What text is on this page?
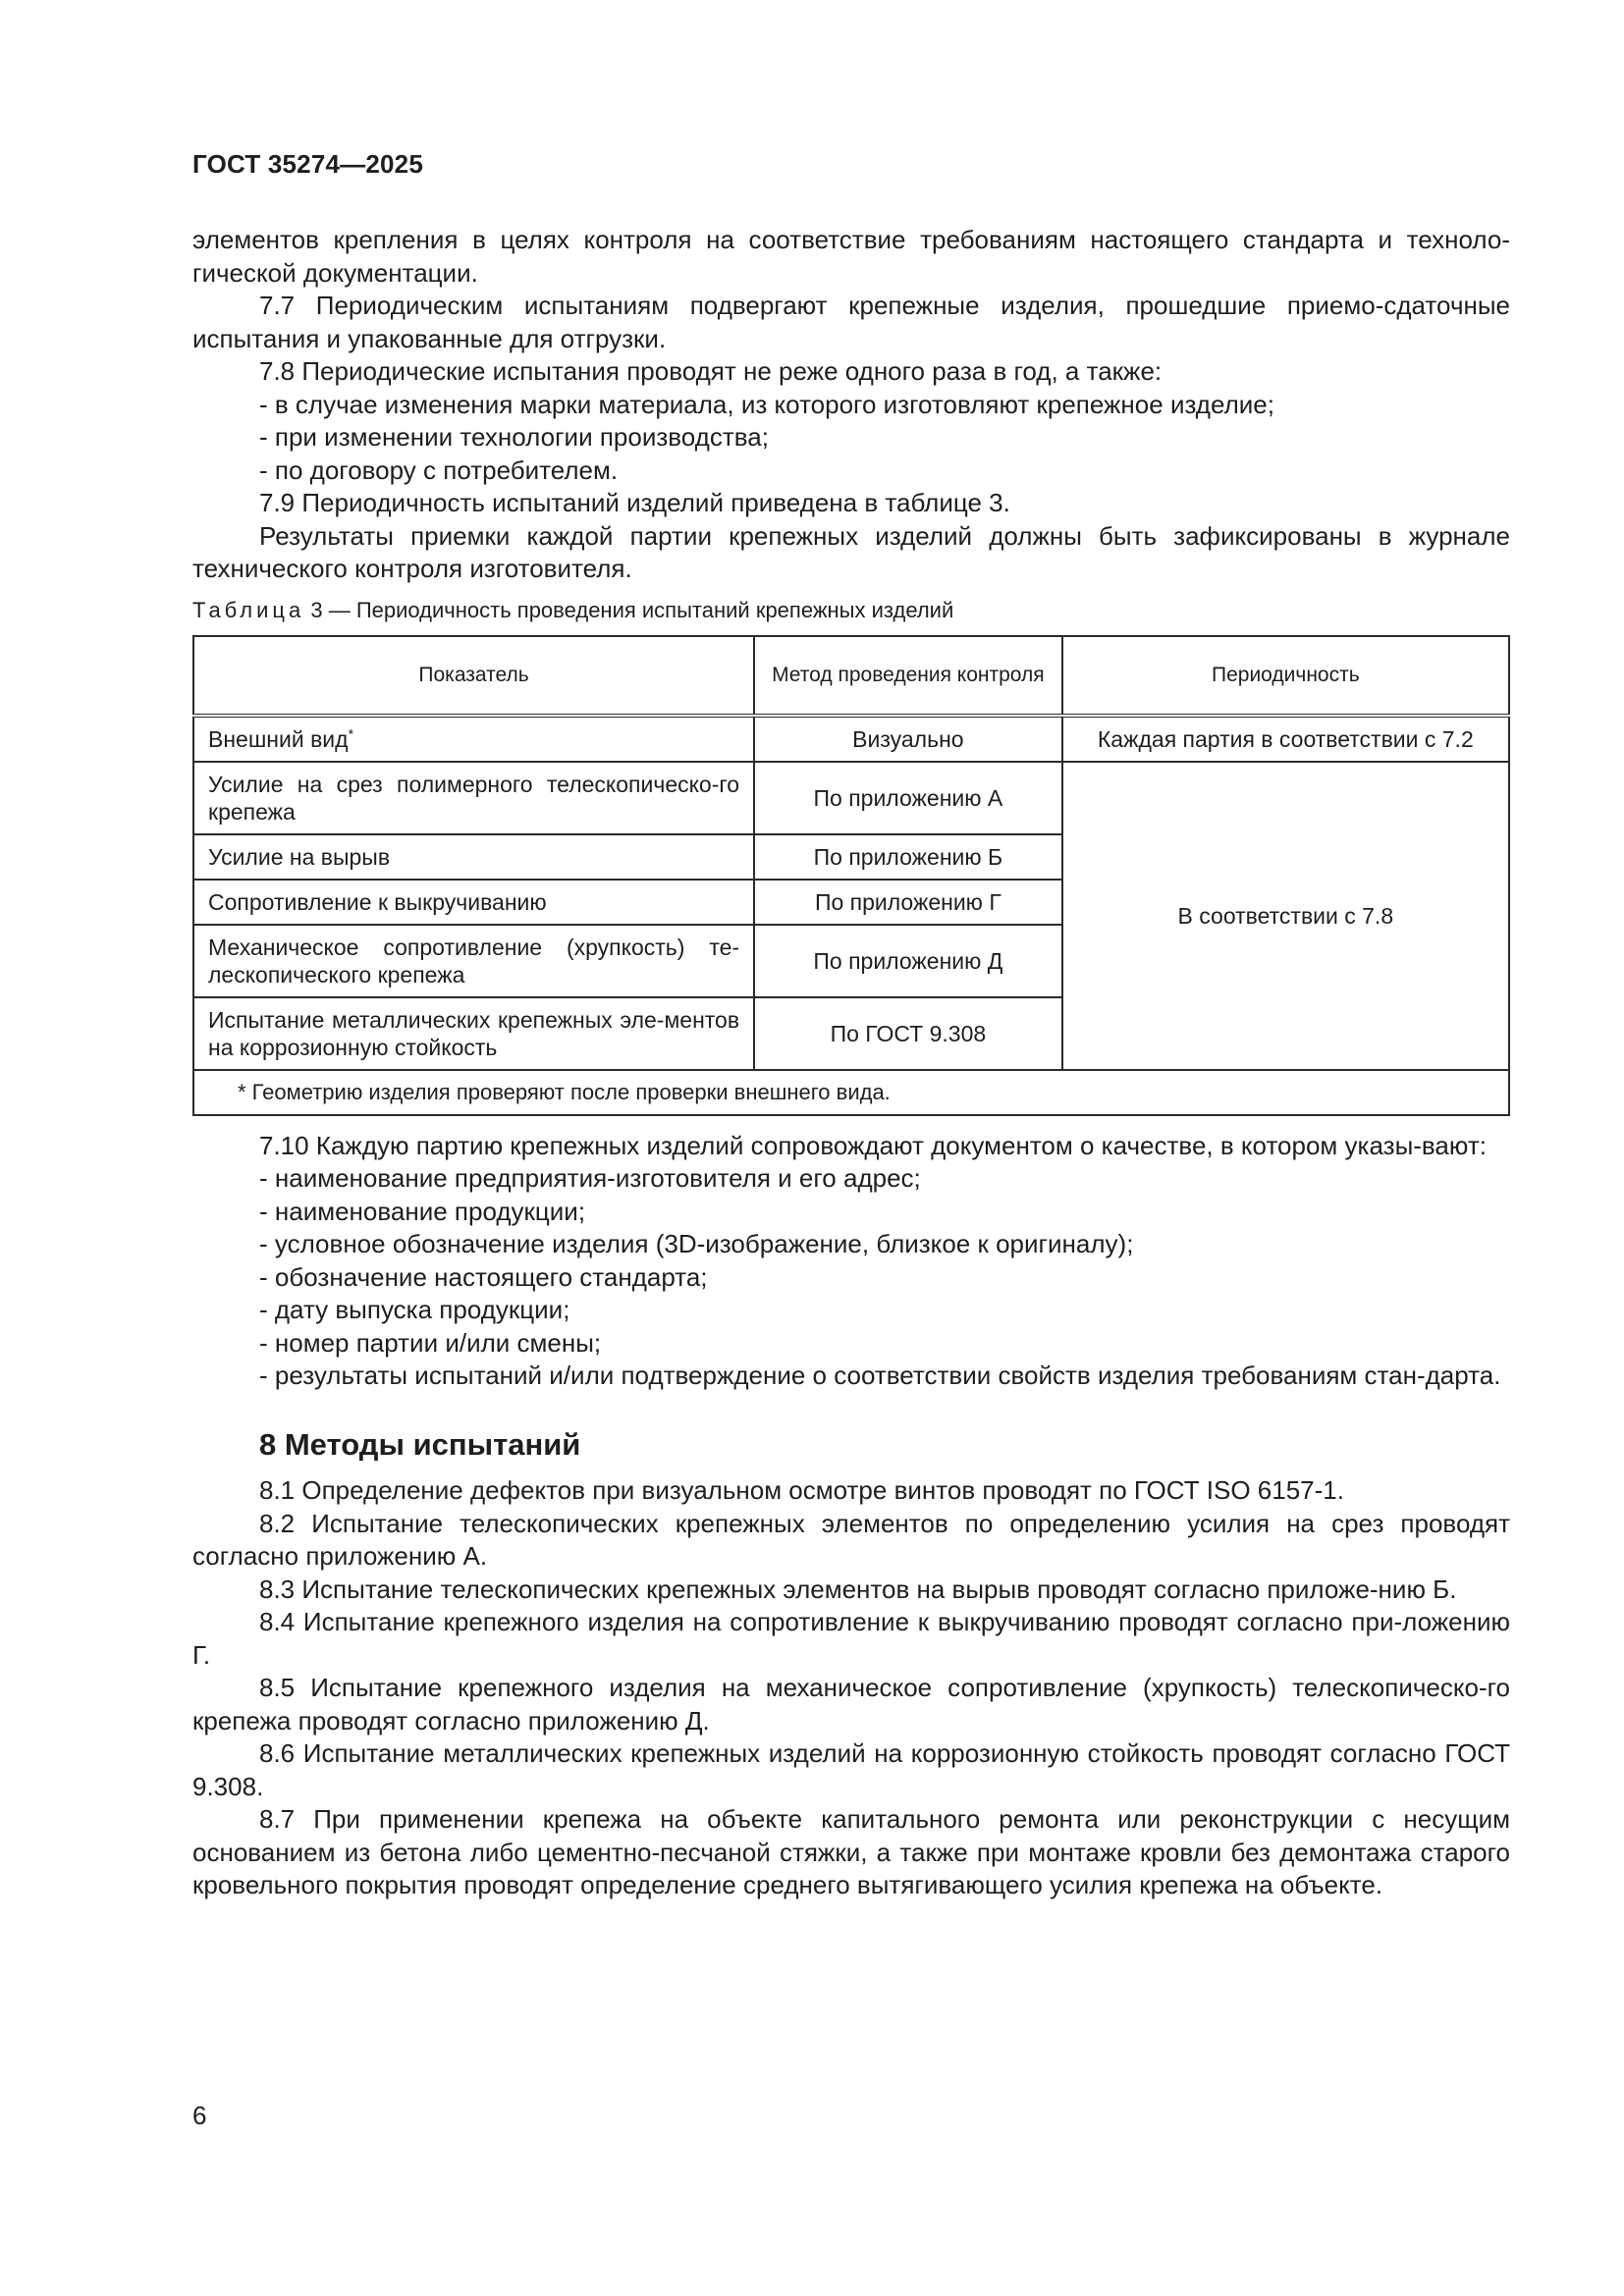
ГОСТ 35274—2025

элементов крепления в целях контроля на соответствие требованиям настоящего стандарта и техноло-гической документации.

7.7 Периодическим испытаниям подвергают крепежные изделия, прошедшие приемо-сдаточные испытания и упакованные для отгрузки.

7.8 Периодические испытания проводят не реже одного раза в год, а также:

- в случае изменения марки материала, из которого изготовляют крепежное изделие;

- при изменении технологии производства;

- по договору с потребителем.

7.9 Периодичность испытаний изделий приведена в таблице 3.

Результаты приемки каждой партии крепежных изделий должны быть зафиксированы в журнале технического контроля изготовителя.

Таблица 3 — Периодичность проведения испытаний крепежных изделий
Показатель	Метод проведения контроля	Периодичность
Внешний вид*	Визуально	Каждая партия в соответствии с 7.2
Усилие на срез полимерного телескопическо-го крепежа	По приложению А	В соответствии с 7.8
Усилие на вырыв	По приложению Б	
Сопротивление к выкручиванию	По приложению Г	
Механическое сопротивление (хрупкость) те-лескопического крепежа	По приложению Д	
Испытание металлических крепежных эле-ментов на коррозионную стойкость	По ГОСТ 9.308	
* Геометрию изделия проверяют после проверки внешнего вида.		

7.10 Каждую партию крепежных изделий сопровождают документом о качестве, в котором указы-вают:

- наименование предприятия-изготовителя и его адрес;

- наименование продукции;

- условное обозначение изделия (3D-изображение, близкое к оригиналу);

- обозначение настоящего стандарта;

- дату выпуска продукции;

- номер партии и/или смены;

- результаты испытаний и/или подтверждение о соответствии свойств изделия требованиям стан-дарта.

8 Методы испытаний

8.1 Определение дефектов при визуальном осмотре винтов проводят по ГОСТ ISO 6157-1.

8.2 Испытание телескопических крепежных элементов по определению усилия на срез проводят согласно приложению А.

8.3 Испытание телескопических крепежных элементов на вырыв проводят согласно приложе-нию Б.

8.4 Испытание крепежного изделия на сопротивление к выкручиванию проводят согласно при-ложению Г.

8.5 Испытание крепежного изделия на механическое сопротивление (хрупкость) телескопическо-го крепежа проводят согласно приложению Д.

8.6 Испытание металлических крепежных изделий на коррозионную стойкость проводят согласно ГОСТ 9.308.

8.7 При применении крепежа на объекте капитального ремонта или реконструкции с несущим основанием из бетона либо цементно-песчаной стяжки, а также при монтаже кровли без демонтажа старого кровельного покрытия проводят определение среднего вытягивающего усилия крепежа на объекте.

6
